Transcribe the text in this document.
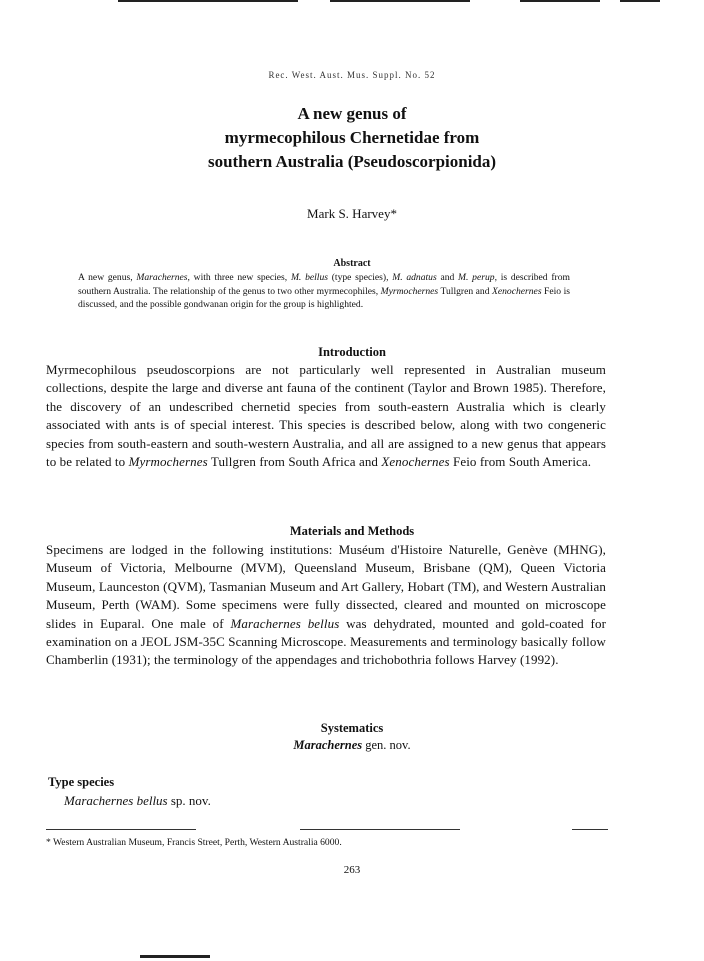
Rec. West. Aust. Mus. Suppl. No. 52
A new genus of
myrmecophilous Chernetidae from
southern Australia (Pseudoscorpionida)
Mark S. Harvey*
Abstract
A new genus, Marachernes, with three new species, M. bellus (type species), M. adnatus and M. perup, is described from southern Australia. The relationship of the genus to two other myrmecophiles, Myrmochernes Tullgren and Xenochernes Feio is discussed, and the possible gondwanan origin for the group is highlighted.
Introduction
Myrmecophilous pseudoscorpions are not particularly well represented in Australian museum collections, despite the large and diverse ant fauna of the continent (Taylor and Brown 1985). Therefore, the discovery of an undescribed chernetid species from south-eastern Australia which is clearly associated with ants is of special interest. This species is described below, along with two congeneric species from south-eastern and south-western Australia, and all are assigned to a new genus that appears to be related to Myrmochernes Tullgren from South Africa and Xenochernes Feio from South America.
Materials and Methods
Specimens are lodged in the following institutions: Muséum d'Histoire Naturelle, Genève (MHNG), Museum of Victoria, Melbourne (MVM), Queensland Museum, Brisbane (QM), Queen Victoria Museum, Launceston (QVM), Tasmanian Museum and Art Gallery, Hobart (TM), and Western Australian Museum, Perth (WAM). Some specimens were fully dissected, cleared and mounted on microscope slides in Euparal. One male of Marachernes bellus was dehydrated, mounted and gold-coated for examination on a JEOL JSM-35C Scanning Microscope. Measurements and terminology basically follow Chamberlin (1931); the terminology of the appendages and trichobothria follows Harvey (1992).
Systematics
Marachernes gen. nov.
Type species
Marachernes bellus sp. nov.
* Western Australian Museum, Francis Street, Perth, Western Australia 6000.
263
